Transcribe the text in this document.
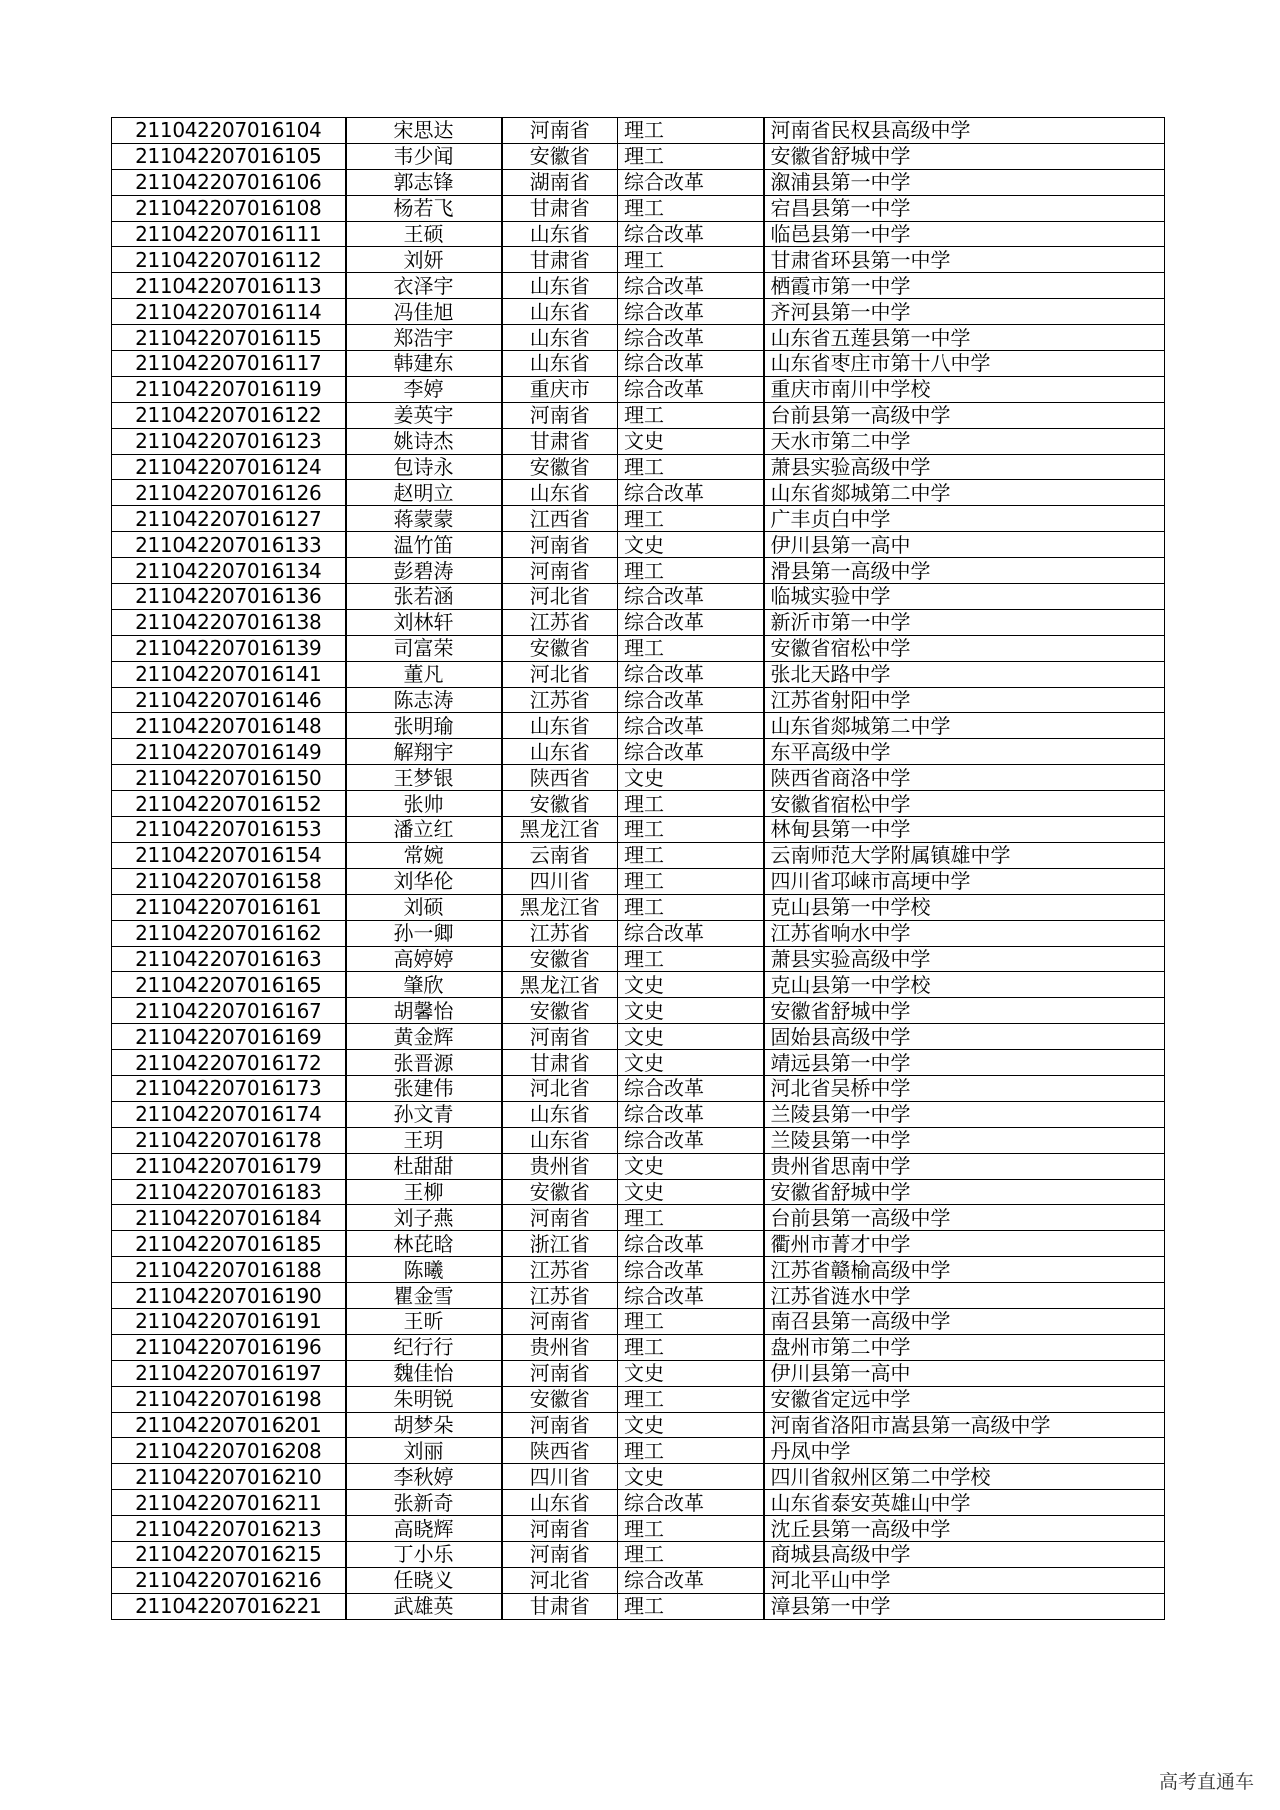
211042207016104	宋思达	河南省	理工	河南省民权县高级中学
211042207016105	韦少闻	安徽省	理工	安徽省舒城中学
211042207016106	郭志锋	湖南省	综合改革	溆浦县第一中学
211042207016108	杨若飞	甘肃省	理工	宕昌县第一中学
211042207016111	王硕	山东省	综合改革	临邑县第一中学
211042207016112	刘妍	甘肃省	理工	甘肃省环县第一中学
211042207016113	衣泽宇	山东省	综合改革	栖霞市第一中学
211042207016114	冯佳旭	山东省	综合改革	齐河县第一中学
211042207016115	郑浩宇	山东省	综合改革	山东省五莲县第一中学
211042207016117	韩建东	山东省	综合改革	山东省枣庄市第十八中学
211042207016119	李婷	重庆市	综合改革	重庆市南川中学校
211042207016122	姜英宇	河南省	理工	台前县第一高级中学
211042207016123	姚诗杰	甘肃省	文史	天水市第二中学
211042207016124	包诗永	安徽省	理工	萧县实验高级中学
211042207016126	赵明立	山东省	综合改革	山东省郯城第二中学
211042207016127	蒋蒙蒙	江西省	理工	广丰贞白中学
211042207016133	温竹笛	河南省	文史	伊川县第一高中
211042207016134	彭碧涛	河南省	理工	滑县第一高级中学
211042207016136	张若涵	河北省	综合改革	临城实验中学
211042207016138	刘林轩	江苏省	综合改革	新沂市第一中学
211042207016139	司富荣	安徽省	理工	安徽省宿松中学
211042207016141	董凡	河北省	综合改革	张北天路中学
211042207016146	陈志涛	江苏省	综合改革	江苏省射阳中学
211042207016148	张明瑜	山东省	综合改革	山东省郯城第二中学
211042207016149	解翔宇	山东省	综合改革	东平高级中学
211042207016150	王梦银	陕西省	文史	陕西省商洛中学
211042207016152	张帅	安徽省	理工	安徽省宿松中学
211042207016153	潘立红	黑龙江省	理工	林甸县第一中学
211042207016154	常婉	云南省	理工	云南师范大学附属镇雄中学
211042207016158	刘华伦	四川省	理工	四川省邛崃市高埂中学
211042207016161	刘硕	黑龙江省	理工	克山县第一中学校
211042207016162	孙一卿	江苏省	综合改革	江苏省响水中学
211042207016163	高婷婷	安徽省	理工	萧县实验高级中学
211042207016165	肇欣	黑龙江省	文史	克山县第一中学校
211042207016167	胡馨怡	安徽省	文史	安徽省舒城中学
211042207016169	黄金辉	河南省	文史	固始县高级中学
211042207016172	张晋源	甘肃省	文史	靖远县第一中学
211042207016173	张建伟	河北省	综合改革	河北省吴桥中学
211042207016174	孙文青	山东省	综合改革	兰陵县第一中学
211042207016178	王玥	山东省	综合改革	兰陵县第一中学
211042207016179	杜甜甜	贵州省	文史	贵州省思南中学
211042207016183	王柳	安徽省	文史	安徽省舒城中学
211042207016184	刘子燕	河南省	理工	台前县第一高级中学
211042207016185	林芘晗	浙江省	综合改革	衢州市菁才中学
211042207016188	陈曦	江苏省	综合改革	江苏省赣榆高级中学
211042207016190	瞿金雪	江苏省	综合改革	江苏省涟水中学
211042207016191	王昕	河南省	理工	南召县第一高级中学
211042207016196	纪行行	贵州省	理工	盘州市第二中学
211042207016197	魏佳怡	河南省	文史	伊川县第一高中
211042207016198	朱明锐	安徽省	理工	安徽省定远中学
211042207016201	胡梦朵	河南省	文史	河南省洛阳市嵩县第一高级中学
211042207016208	刘丽	陕西省	理工	丹凤中学
211042207016210	李秋婷	四川省	文史	四川省叙州区第二中学校
211042207016211	张新奇	山东省	综合改革	山东省泰安英雄山中学
211042207016213	高晓辉	河南省	理工	沈丘县第一高级中学
211042207016215	丁小乐	河南省	理工	商城县高级中学
211042207016216	任晓义	河北省	综合改革	河北平山中学
211042207016221	武雄英	甘肃省	理工	漳县第一中学
高考直通车
